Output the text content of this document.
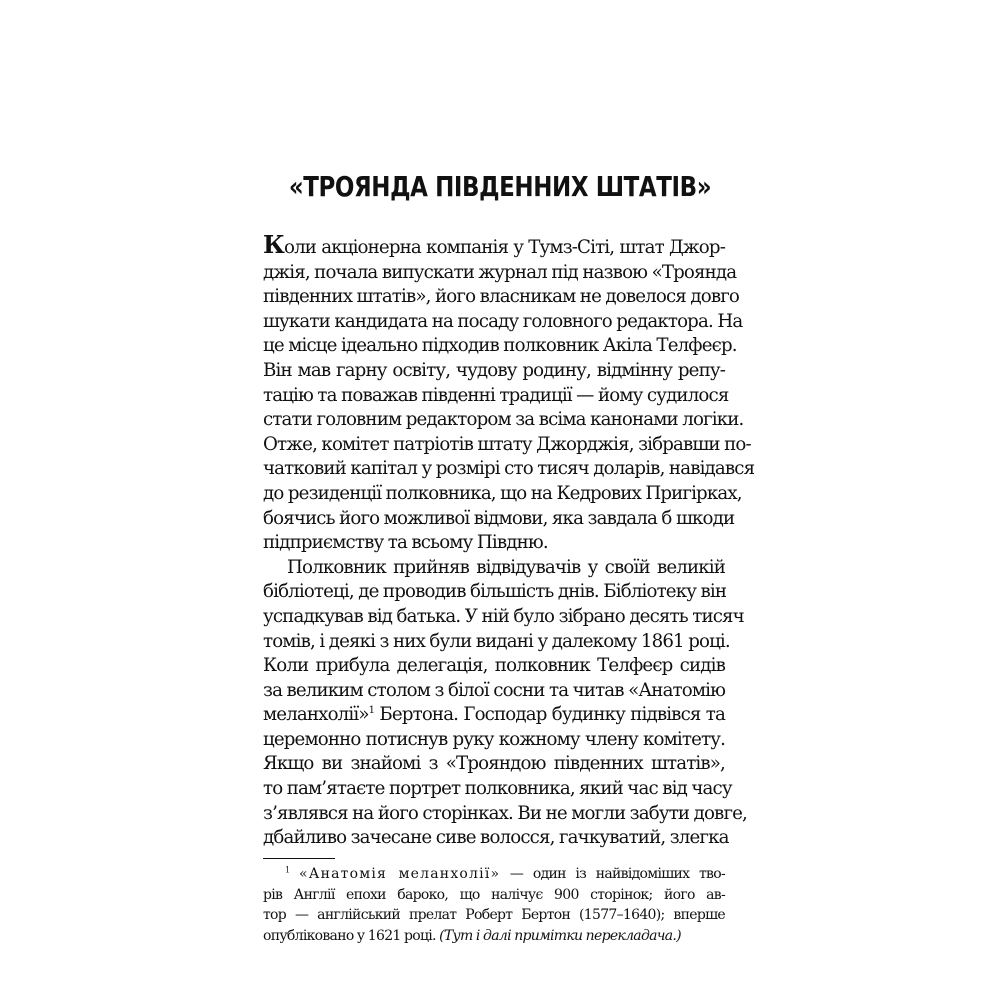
«ТРОЯНДА ПІВДЕННИХ ШТАТІВ»
Коли акціонерна компанія у Тумз-Сіті, штат Джор-
джія, почала випускати журнал під назвою «Троянда
південних штатів», його власникам не довелося довго
шукати кандидата на посаду головного редактора. На
це місце ідеально підходив полковник Акіла Телфеєр.
Він мав гарну освіту, чудову родину, відмінну репу-
тацію та поважав південні традиції — йому судилося
стати головним редактором за всіма канонами логіки.
Отже, комітет патріотів штату Джорджія, зібравши по-
чатковий капітал у розмірі сто тисяч доларів, навідався
до резиденції полковника, що на Кедрових Пригірках,
боячись його можливої відмови, яка завдала б шкоди
підприємству та всьому Півдню.
Полковник прийняв відвідувачів у своїй великій
бібліотеці, де проводив більшість днів. Бібліотеку він
успадкував від батька. У ній було зібрано десять тисяч
томів, і деякі з них були видані у далекому 1861 році.
Коли прибула делегація, полковник Телфеєр сидів
за великим столом з білої сосни та читав «Анатомію
меланхолії»$^1$ Бертона. Господар будинку підвівся та
церемонно потиснув руку кожному члену комітету.
Якщо ви знайомі з «Трояндою південних штатів»,
то пам’ятаєте портрет полковника, який час від часу
з’являвся на його сторінках. Ви не могли забути довге,
дбайливо зачесане сиве волосся, гачкуватий, злегка
$^1$ «Анатомія меланхолії» — один із найвідоміших тво-
рів Англії епохи бароко, що налічує 900 сторінок; його ав-
тор — англійський прелат Роберт Бертон (1577–1640); вперше
опубліковано у 1621 році. (Тут і далі примітки перекладача.)
